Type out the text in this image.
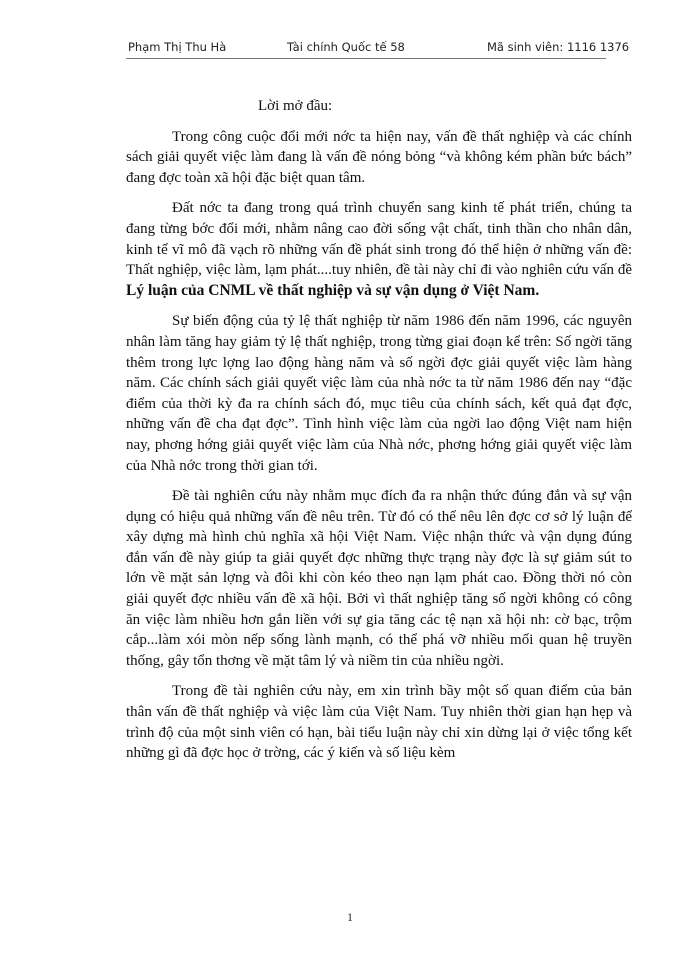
Phạm Thị Thu Hà	Tài chính Quốc tế 58	Mã sinh viên: 1116 1376

Lời mở đầu:

Trong công cuộc đổi mới nớc ta hiện nay, vấn đề thất nghiệp và các chính sách giải quyết việc làm đang là vấn đề nóng bỏng “và không kém phần bức bách” đang đợc toàn xã hội đặc biệt quan tâm.

Đất nớc ta đang trong quá trình chuyển sang kinh tế phát triển, chúng ta đang từng bớc đổi mới, nhằm nâng cao đời sống vật chất, tinh thần cho nhân dân, kinh tế vĩ mô đã vạch rõ những vấn đề phát sinh trong đó thể hiện ở những vấn đề: Thất nghiệp, việc làm, lạm phát....tuy nhiên, đề tài này chỉ đi vào nghiên cứu vấn đề Lý luận của CNML về thất nghiệp và sự vận dụng ở Việt Nam.

Sự biến động của tỷ lệ thất nghiệp từ năm 1986 đến năm 1996, các nguyên nhân làm tăng hay giảm tỷ lệ thất nghiệp, trong từng giai đoạn kể trên: Số ngời tăng thêm trong lực lợng lao động hàng năm và số ngời đợc giải quyết việc làm hàng năm. Các chính sách giải quyết việc làm của nhà nớc ta từ năm 1986 đến nay “đặc điểm của thời kỳ đa ra chính sách đó, mục tiêu của chính sách, kết quả đạt đợc, những vấn đề cha đạt đợc”. Tình hình việc làm của ngời lao động Việt nam hiện nay, phơng hớng giải quyết việc làm của Nhà nớc, phơng hớng giải quyết việc làm của Nhà nớc trong thời gian tới.

Đề tài nghiên cứu này nhằm mục đích đa ra nhận thức đúng đắn và sự vận dụng có hiệu quả những vấn đề nêu trên. Từ đó có thể nêu lên đợc cơ sở lý luận để xây dựng mà hình chủ nghĩa xã hội Việt Nam. Việc nhận thức và vận dụng đúng đắn vấn đề này giúp ta giải quyết đợc những thực trạng này đợc là sự giảm sút to lớn về mặt sản lợng và đôi khi còn kéo theo nạn lạm phát cao. Đồng thời nó còn giải quyết đợc nhiều vấn đề xã hội. Bởi vì thất nghiệp tăng số ngời không có công ăn việc làm nhiều hơn gắn liền với sự gia tăng các tệ nạn xã hội nh: cờ bạc, trộm cắp...làm xói mòn nếp sống lành mạnh, có thể phá vỡ nhiều mối quan hệ truyền thống, gây tổn thơng về mặt tâm lý và niềm tin của nhiều ngời.

Trong đề tài nghiên cứu này, em xin trình bầy một số quan điểm của bản thân vấn đề thất nghiệp và việc làm của Việt Nam. Tuy nhiên thời gian hạn hẹp và trình độ của một sinh viên có hạn, bài tiểu luận này chỉ xin dừng lại ở việc tổng kết những gì đã đợc học ở trờng, các ý kiến và số liệu kèm

1
